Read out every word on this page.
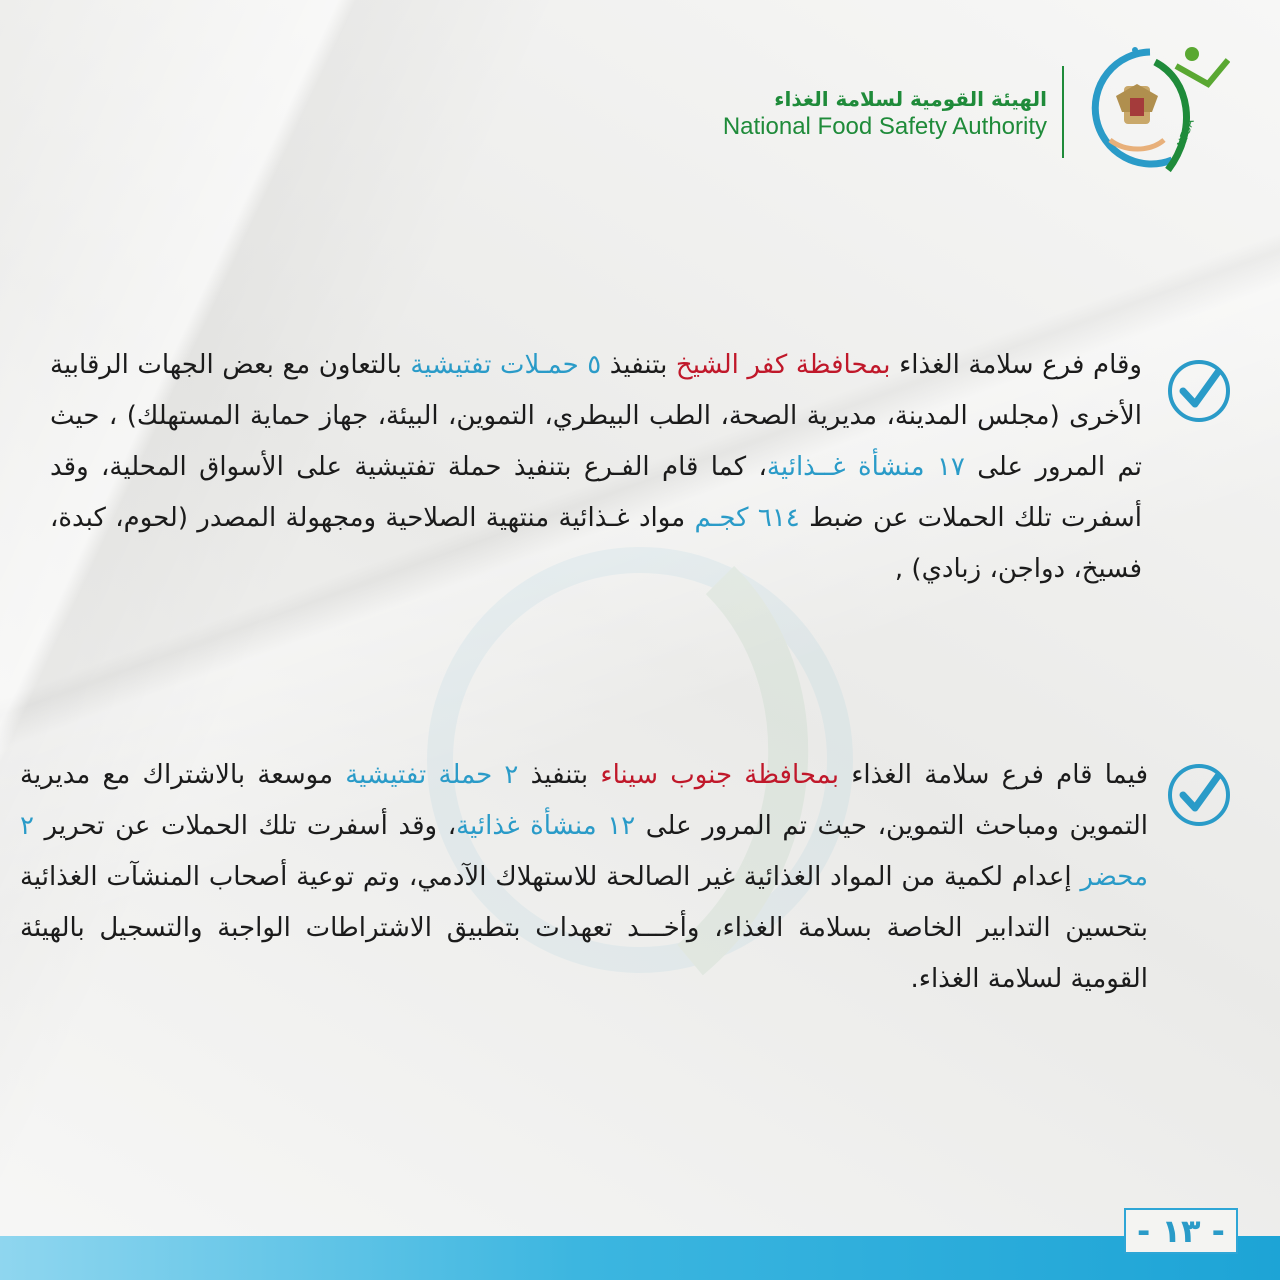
الهيئة القومية لسلامة الغذاء
National Food Safety Authority	NFSA

وقام فرع سلامة الغذاء بمحافظة كفر الشيخ بتنفيذ ٥ حمـلات تفتيشية بالتعاون مع بعض الجهات الرقابية الأخرى (مجلس المدينة، مديرية الصحة، الطب البيطري، التموين، البيئة، جهاز حماية المستهلك) ، حيث تم المرور على ١٧ منشأة غــذائية، كما قام الفـرع بتنفيذ حملة تفتيشية على الأسواق المحلية، وقد أسفرت تلك الحملات عن ضبط ٦١٤ كجـم مواد غـذائية منتهية الصلاحية ومجهولة المصدر (لحوم، كبدة، فسيخ، دواجن، زبادي) ,

فيما قام فرع سلامة الغذاء بمحافظة جنوب سيناء بتنفيذ ٢ حملة تفتيشية موسعة بالاشتراك مع مديرية التموين ومباحث التموين، حيث تم المرور على ١٢ منشأة غذائية، وقد أسفرت تلك الحملات عن تحرير ٢ محضر إعدام لكمية من المواد الغذائية غير الصالحة للاستهلاك الآدمي، وتم توعية أصحاب المنشآت الغذائية بتحسين التدابير الخاصة بسلامة الغذاء، وأخـــد تعهدات بتطبيق الاشتراطات الواجبة والتسجيل بالهيئة القومية لسلامة الغذاء.

- ١٣ -
